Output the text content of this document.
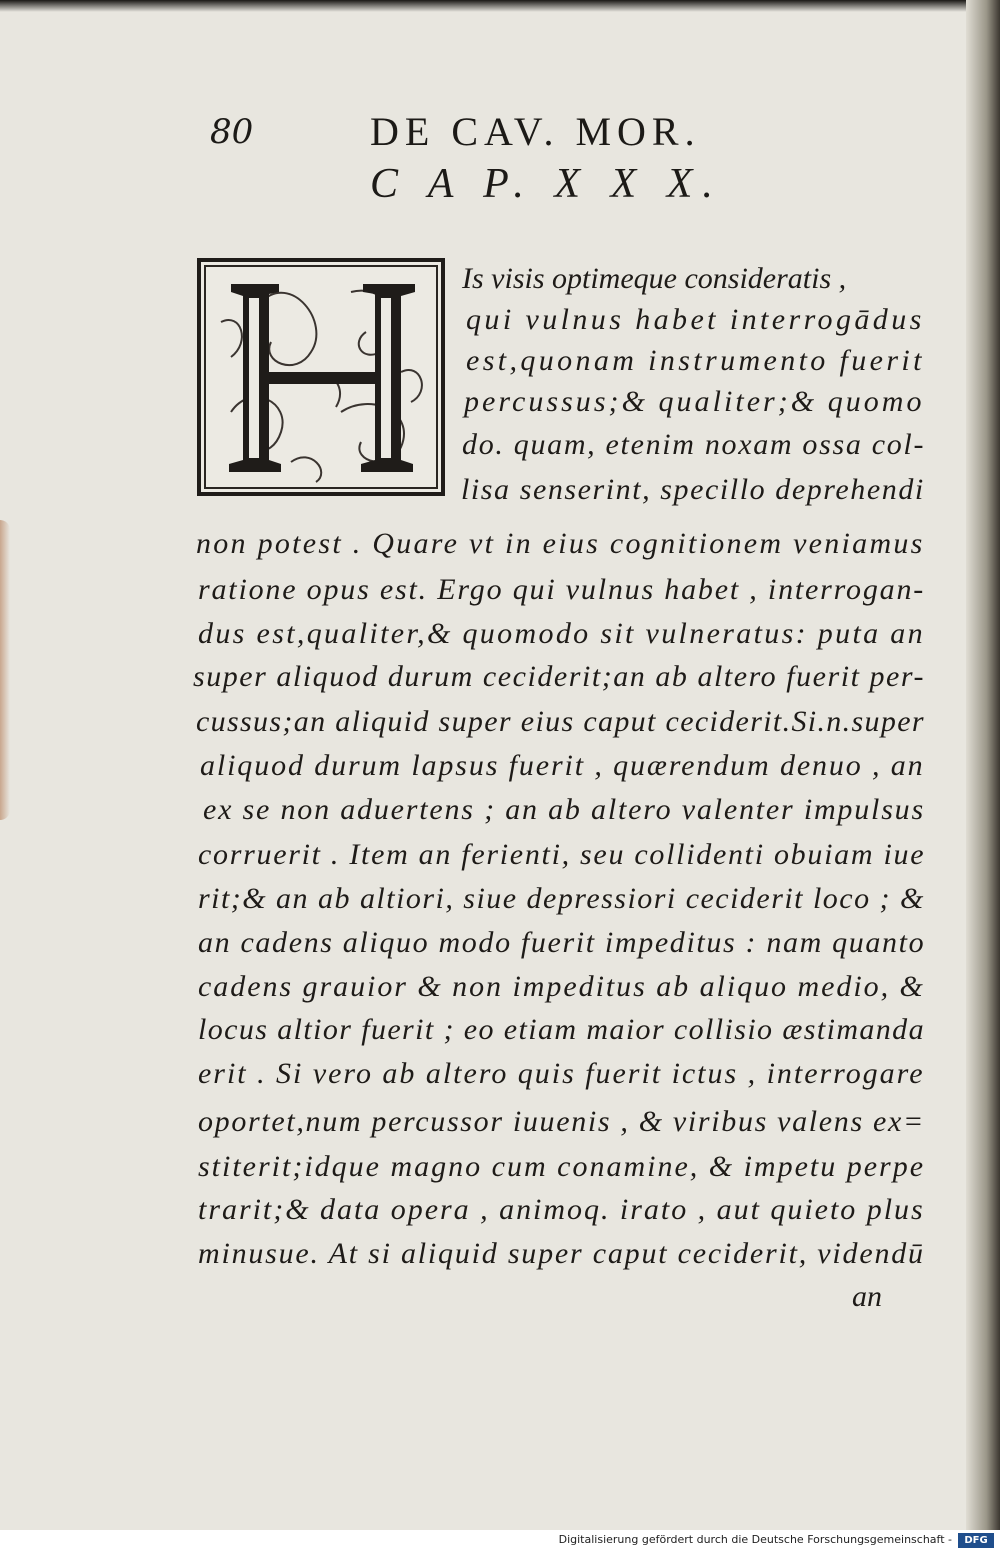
80	DE CAV. MOR.
C A P. X X X.
Is visis optimeque consideratis ,
qui vulnus habet interrogādus
est,quonam instrumento fuerit
percussus;& qualiter;& quomo
do. quam, etenim noxam ossa col-
lisa senserint, specillo deprehendi
non potest . Quare vt in eius cognitionem veniamus
ratione opus est. Ergo qui vulnus habet , interrogan-
dus est,qualiter,& quomodo sit vulneratus: puta an
super aliquod durum ceciderit;an ab altero fuerit per-
cussus;an aliquid super eius caput ceciderit.Si.n.super
aliquod durum lapsus fuerit , quærendum denuo , an
ex se non aduertens ; an ab altero valenter impulsus
corruerit . Item an ferienti, seu collidenti obuiam iue
rit;& an ab altiori, siue depressiori ceciderit loco ; &
an cadens aliquo modo fuerit impeditus : nam quanto
cadens grauior & non impeditus ab aliquo medio, &
locus altior fuerit ; eo etiam maior collisio æstimanda
erit . Si vero ab altero quis fuerit ictus , interrogare
oportet,num percussor iuuenis , & viribus valens ex=
stiterit;idque magno cum conamine, & impetu perpe
trarit;& data opera , animoq. irato , aut quieto plus
minusue. At si aliquid super caput ceciderit, videndū
an
Digitalisierung gefördert durch die Deutsche Forschungsgemeinschaft -	DFG
